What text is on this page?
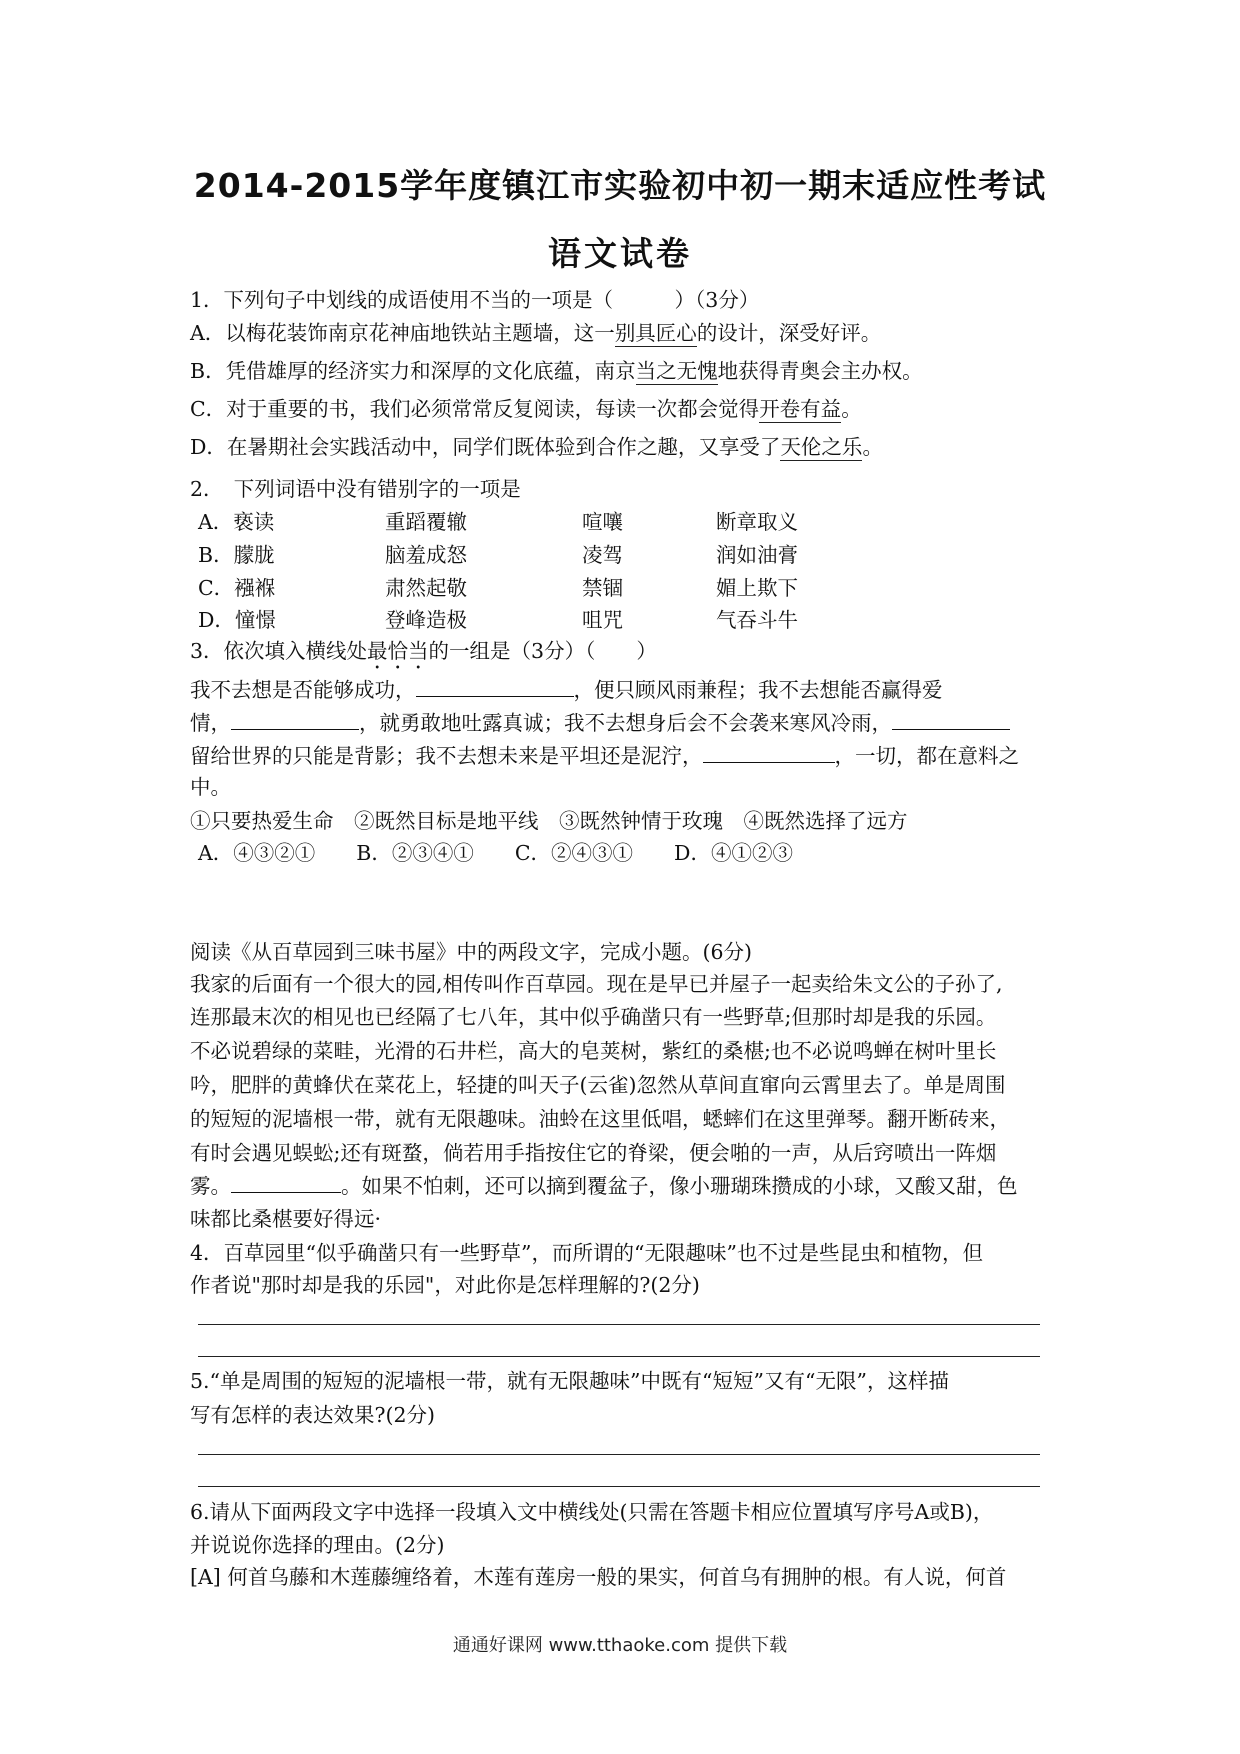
2014-2015学年度镇江市实验初中初一期末适应性考试
语文试卷
1．下列句子中划线的成语使用不当的一项是（　　　）（3分）
A．以梅花装饰南京花神庙地铁站主题墙，这一别具匠心的设计，深受好评。
B．凭借雄厚的经济实力和深厚的文化底蕴，南京当之无愧地获得青奥会主办权。
C．对于重要的书，我们必须常常反复阅读，每读一次都会觉得开卷有益。
D．在暑期社会实践活动中，同学们既体验到合作之趣，又享受了天伦之乐。
2．　下列词语中没有错别字的一项是
A．亵读	重蹈覆辙	喧嚷	断章取义
B．朦胧	脑羞成怒	凌驾	润如油膏
C．襁褓	肃然起敬	禁锢	媚上欺下
D．憧憬	登峰造极	咀咒	气吞斗牛
3．依次填入横线处最恰当的一组是（3分）（　　）
我不去想是否能够成功，	，便只顾风雨兼程；我不去想能否赢得爱
情，	，就勇敢地吐露真诚；我不去想身后会不会袭来寒风冷雨，
留给世界的只能是背影；我不去想未来是平坦还是泥泞，	，一切，都在意料之
中。
①只要热爱生命　②既然目标是地平线　③既然钟情于玫瑰　④既然选择了远方
A．④③②①　　B．②③④①　　C．②④③①　　D．④①②③
阅读《从百草园到三味书屋》中的两段文字，完成小题。(6分)
我家的后面有一个很大的园,相传叫作百草园。现在是早已并屋子一起卖给朱文公的子孙了,
连那最末次的相见也已经隔了七八年，其中似乎确凿只有一些野草;但那时却是我的乐园。
不必说碧绿的菜畦，光滑的石井栏，高大的皂荚树，紫红的桑椹;也不必说鸣蝉在树叶里长
吟，肥胖的黄蜂伏在菜花上，轻捷的叫天子(云雀)忽然从草间直窜向云霄里去了。单是周围
的短短的泥墙根一带，就有无限趣味。油蛉在这里低唱，蟋蟀们在这里弹琴。翻开断砖来，
有时会遇见蜈蚣;还有斑蝥，倘若用手指按住它的脊梁，便会啪的一声，从后窍喷出一阵烟
雾。	。如果不怕刺，还可以摘到覆盆子，像小珊瑚珠攒成的小球，又酸又甜，色
味都比桑椹要好得远·
4．百草园里“似乎确凿只有一些野草”，而所谓的“无限趣味”也不过是些昆虫和植物，但
作者说"那时却是我的乐园"，对此你是怎样理解的?(2分)
5.“单是周围的短短的泥墙根一带，就有无限趣味”中既有“短短”又有“无限”，这样描
写有怎样的表达效果?(2分)
6.请从下面两段文字中选择一段填入文中横线处(只需在答题卡相应位置填写序号A或B)，
并说说你选择的理由。(2分)
[A] 何首乌藤和木莲藤缠络着，木莲有莲房一般的果实，何首乌有拥肿的根。有人说，何首
通通好课网 www.tthaoke.com 提供下载
